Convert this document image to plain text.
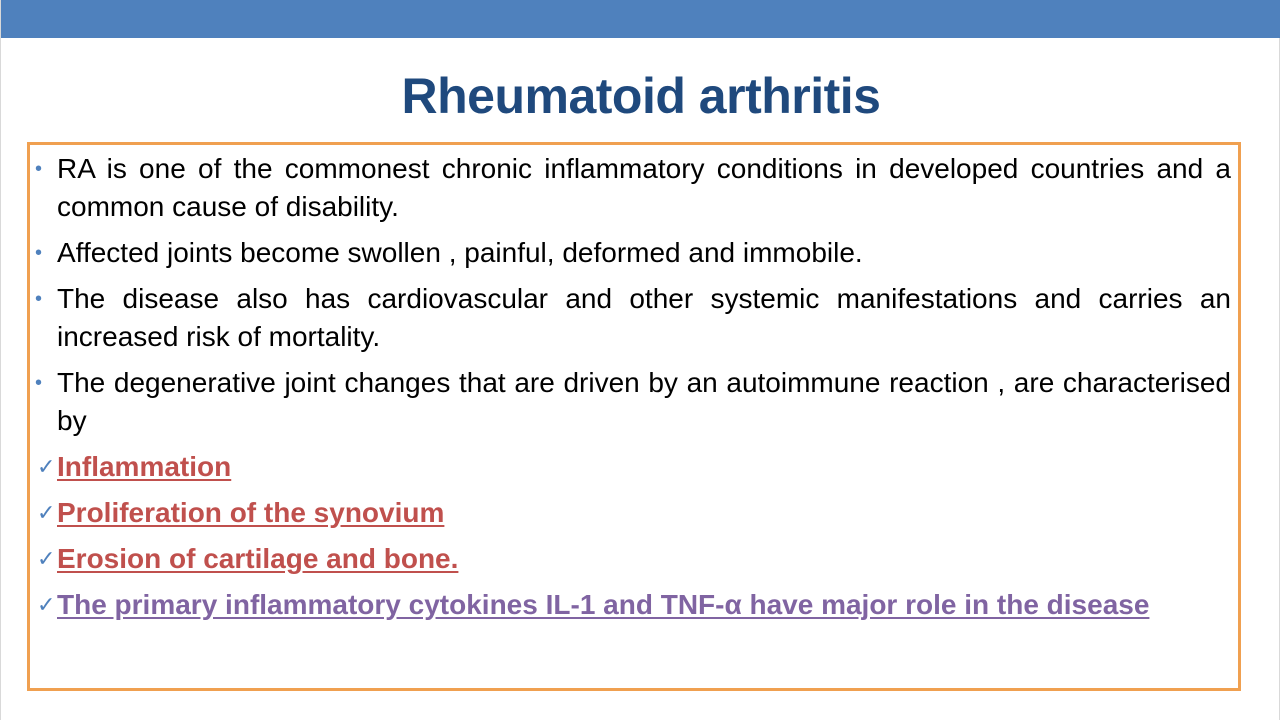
Rheumatoid arthritis
• RA is one of the commonest chronic inflammatory conditions in developed countries and a common cause of disability.
• Affected joints become swollen , painful, deformed and immobile.
• The disease also has cardiovascular and other systemic manifestations and carries an increased risk of mortality.
• The degenerative joint changes that are driven by an autoimmune reaction , are characterised by
✓ Inflammation
✓ Proliferation of the synovium
✓ Erosion of cartilage and bone.
✓ The primary inflammatory cytokines IL-1 and TNF-α have major role in the disease
